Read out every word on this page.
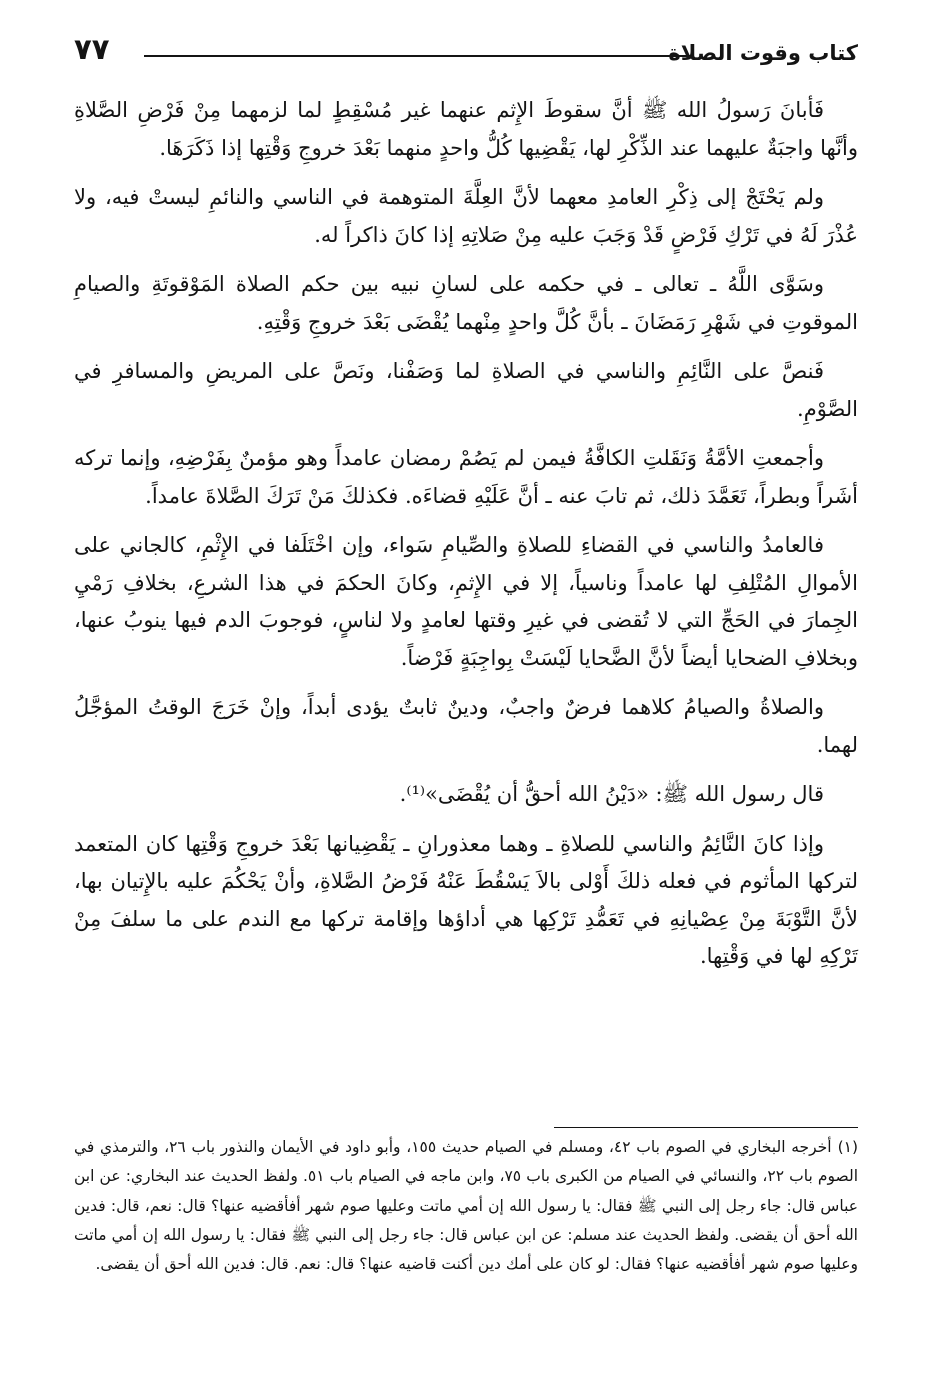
كتاب وقوت الصلاة
٧٧

فَأبانَ رَسولُ الله ﷺ أنَّ سقوطَ الإِثم عنهما غير مُسْقِطٍ لما لزمهما مِنْ فَرْضِ الصَّلاةِ وأنَّها واجبَةٌ عليهما عند الذِّكْرِ لها، يَقْضِيها كُلُّ واحدٍ منهما بَعْدَ خروجِ وَقْتِها إذا ذَكَرَهَا.

ولم يَحْتَجْ إلى ذِكْرِ العامدِ معهما لأنَّ العِلَّةَ المتوهمة في الناسي والنائمِ ليستْ فيه، ولا عُذْرَ لَهُ في تَرْكِ فَرْضٍ قَدْ وَجَبَ عليه مِنْ صَلاتِهِ إذا كانَ ذاكراً له.

وسَوَّى اللَّهُ ـ تعالى ـ في حكمه على لسانِ نبيه بين حكم الصلاة المَوْقوتَةِ والصيامِ الموقوتِ في شَهْرِ رَمَضَانَ ـ بأنَّ كُلَّ واحدٍ مِنْهما يُقْضَى بَعْدَ خروجِ وَقْتِهِ.

فَنصَّ على النَّائِمِ والناسي في الصلاةِ لما وَصَفْنا، ونَصَّ على المريضِ والمسافرِ في الصَّوْمِ.

وأجمعتِ الأمَّةُ وَنَقَلتِ الكافَّةُ فيمن لم يَصُمْ رمضان عامداً وهو مؤمنٌ بِفَرْضِهِ، وإنما تركه أشَراً وبطراً، تَعَمَّدَ ذلك، ثم تابَ عنه ـ أنَّ عَلَيْهِ قضاءَه. فكذلكَ مَنْ تَرَكَ الصَّلاةَ عامداً.

فالعامدُ والناسي في القضاءِ للصلاةِ والصِّيامِ سَواء، وإن اخْتَلَفا في الإِثْمِ، كالجاني على الأموالِ المُتْلِفِ لها عامداً وناسياً، إلا في الإِثمِ، وكانَ الحكمَ في هذا الشرعِ، بخلافِ رَمْيِ الجِمارَ في الحَجِّ التي لا تُقضى في غيرِ وقتها لعامدٍ ولا لناسٍ، فوجوبَ الدم فيها ينوبُ عنها، وبخلافِ الضحايا أيضاً لأنَّ الضَّحايا لَيْسَتْ بِواجِبَةٍ فَرْضاً.

والصلاةُ والصيامُ كلاهما فرضٌ واجبٌ، ودينٌ ثابتٌ يؤدى أبداً، وإنْ خَرَجَ الوقتُ المؤجَّلُ لهما.

قال رسول الله ﷺ: «دَيْنُ الله أحقُّ أن يُقْضَى»⁽¹⁾.

وإذا كانَ النَّائِمُ والناسي للصلاةِ ـ وهما معذورانِ ـ يَقْضِيانها بَعْدَ خروجِ وَقْتِها كان المتعمد لتركها المأثوم في فعله ذلكَ أَوْلى بالاَ يَسْقُطَ عَنْهُ فَرْضُ الصَّلاةِ، وأنْ يَحْكُمَ عليه بالإِتيان بها، لأنَّ التَّوْبَةَ مِنْ عِصْيانِهِ في تَعَمُّدِ تَرْكِها هي أداؤها وإقامة تركها مع الندم على ما سلفَ مِنْ تَرْكِهِ لها في وَقْتِها.

(١)أخرجه البخاري في الصوم باب ٤٢، ومسلم في الصيام حديث ١٥٥، وأبو داود في الأيمان والنذور باب ٢٦، والترمذي في الصوم باب ٢٢، والنسائي في الصيام من الكبرى باب ٧٥، وابن ماجه في الصيام باب ٥١. ولفظ الحديث عند البخاري: عن ابن عباس قال: جاء رجل إلى النبي ﷺ فقال: يا رسول الله إن أمي ماتت وعليها صوم شهر أفأقضيه عنها؟ قال: نعم، قال: فدين الله أحق أن يقضى. ولفظ الحديث عند مسلم: عن ابن عباس قال: جاء رجل إلى النبي ﷺ فقال: يا رسول الله إن أمي ماتت وعليها صوم شهر أفأقضيه عنها؟ فقال: لو كان على أمك دين أكنت قاضيه عنها؟ قال: نعم. قال: فدين الله أحق أن يقضى.
